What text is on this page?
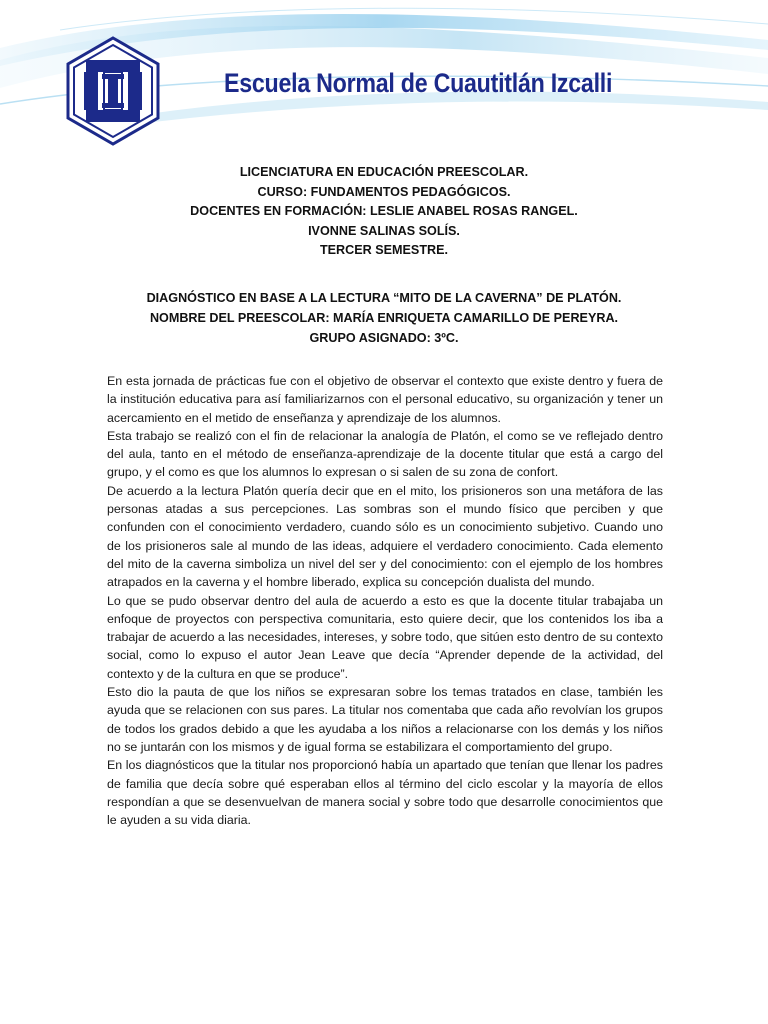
Escuela Normal de Cuautitlán Izcalli
LICENCIATURA EN EDUCACIÓN PREESCOLAR.
CURSO: FUNDAMENTOS PEDAGÓGICOS.
DOCENTES EN FORMACIÓN: LESLIE ANABEL ROSAS RANGEL.
IVONNE SALINAS SOLÍS.
TERCER SEMESTRE.
DIAGNÓSTICO EN BASE A LA LECTURA “MITO DE LA CAVERNA” DE PLATÓN.
NOMBRE DEL PREESCOLAR: MARÍA ENRIQUETA CAMARILLO DE PEREYRA.
GRUPO ASIGNADO: 3ºC.

En esta jornada de prácticas fue con el objetivo de observar el contexto que existe dentro y fuera de la institución educativa para así familiarizarnos con el personal educativo, su organización y tener un acercamiento en el metido de enseñanza y aprendizaje de los alumnos.

Esta trabajo se realizó con el fin de relacionar la analogía de Platón, el como se ve reflejado dentro del aula, tanto en el método de enseñanza-aprendizaje de la docente titular que está a cargo del grupo, y el como es que los alumnos lo expresan o si salen de su zona de confort.

De acuerdo a la lectura Platón quería decir que en el mito, los prisioneros son una metáfora de las personas atadas a sus percepciones. Las sombras son el mundo físico que perciben y que confunden con el conocimiento verdadero, cuando sólo es un conocimiento subjetivo. Cuando uno de los prisioneros sale al mundo de las ideas, adquiere el verdadero conocimiento. Cada elemento del mito de la caverna simboliza un nivel del ser y del conocimiento: con el ejemplo de los hombres atrapados en la caverna y el hombre liberado, explica su concepción dualista del mundo.

Lo que se pudo observar dentro del aula de acuerdo a esto es que la docente titular trabajaba un enfoque de proyectos con perspectiva comunitaria, esto quiere decir, que los contenidos los iba a trabajar de acuerdo a las necesidades, intereses, y sobre todo, que sitúen esto dentro de su contexto social, como lo expuso el autor Jean Leave que decía “Aprender depende de la actividad, del contexto y de la cultura en que se produce”.

Esto dio la pauta de que los niños se expresaran sobre los temas tratados en clase, también les ayuda que se relacionen con sus pares. La titular nos comentaba que cada año revolvían los grupos de todos los grados debido a que les ayudaba a los niños a relacionarse con los demás y los niños no se juntarán con los mismos y de igual forma se estabilizara el comportamiento del grupo.

En los diagnósticos que la titular nos proporcionó había un apartado que tenían que llenar los padres de familia que decía sobre qué esperaban ellos al término del ciclo escolar y la mayoría de ellos respondían a que se desenvuelvan de manera social y sobre todo que desarrolle conocimientos que le ayuden a su vida diaria.
